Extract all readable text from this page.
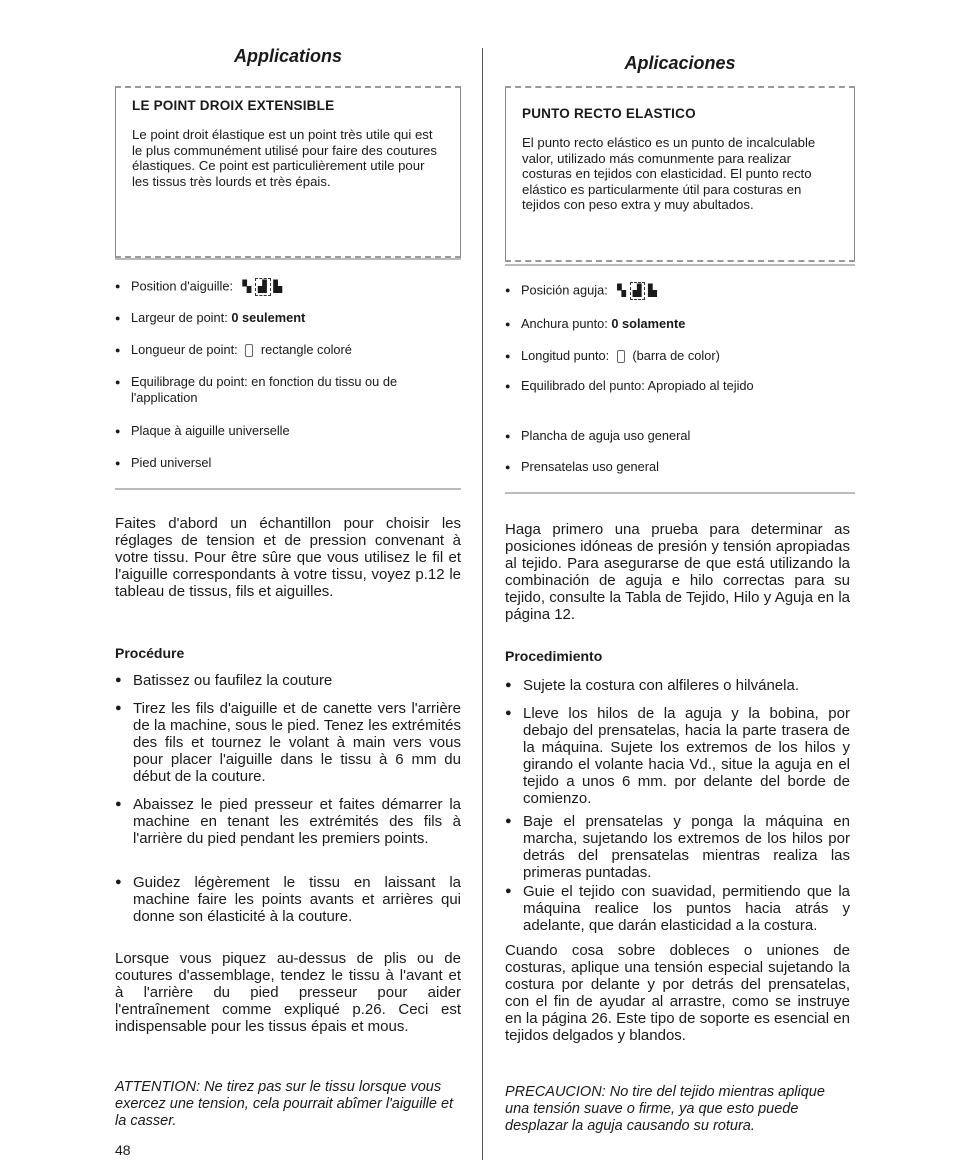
Applications
LE POINT DROIX EXTENSIBLE
Le point droit élastique est un point très utile qui est le plus communément utilisé pour faire des coutures élastiques. Ce point est particulièrement utile pour les tissus très lourds et très épais.
● Position d'aiguille: ▚ ▟ ▙
● Largeur de point: 0 seulement
● Longueur de point: rectangle coloré
● Equilibrage du point: en fonction du tissu ou de l'application
● Plaque à aiguille universelle
● Pied universel
Faites d'abord un échantillon pour choisir les réglages de tension et de pression convenant à votre tissu. Pour être sûre que vous utilisez le fil et l'aiguille correspondants à votre tissu, voyez p.12 le tableau de tissus, fils et aiguilles.
Procédure
● Batissez ou faufilez la couture
● Tirez les fils d'aiguille et de canette vers l'arrière de la machine, sous le pied. Tenez les extrémités des fils et tournez le volant à main vers vous pour placer l'aiguille dans le tissu à 6 mm du début de la couture.
● Abaissez le pied presseur et faites démarrer la machine en tenant les extrémités des fils à l'arrière du pied pendant les premiers points.
● Guidez légèrement le tissu en laissant la machine faire les points avants et arrières qui donne son élasticité à la couture.
Lorsque vous piquez au-dessus de plis ou de coutures d'assemblage, tendez le tissu à l'avant et à l'arrière du pied presseur pour aider l'entraînement comme expliqué p.26. Ceci est indispensable pour les tissus épais et mous.
ATTENTION: Ne tirez pas sur le tissu lorsque vous exercez une tension, cela pourrait abîmer l'aiguille et la casser.
48
Aplicaciones
PUNTO RECTO ELASTICO
El punto recto elástico es un punto de incalculable valor, utilizado más comunmente para realizar costuras en tejidos con elasticidad. El punto recto elástico es particularmente útil para costuras en tejidos con peso extra y muy abultados.
● Posición aguja: ▚ ▟ ▙
● Anchura punto: 0 solamente
● Longitud punto: (barra de color)
● Equilibrado del punto: Apropiado al tejido
● Plancha de aguja uso general
● Prensatelas uso general
Haga primero una prueba para determinar as posiciones idóneas de presión y tensión apropiadas al tejido. Para asegurarse de que está utilizando la combinación de aguja e hilo correctas para su tejido, consulte la Tabla de Tejido, Hilo y Aguja en la página 12.
Procedimiento
● Sujete la costura con alfileres o hilvánela.
● Lleve los hilos de la aguja y la bobina, por debajo del prensatelas, hacia la parte trasera de la máquina. Sujete los extremos de los hilos y girando el volante hacia Vd., situe la aguja en el tejido a unos 6 mm. por delante del borde de comienzo.
● Baje el prensatelas y ponga la máquina en marcha, sujetando los extremos de los hilos por detrás del prensatelas mientras realiza las primeras puntadas.
● Guie el tejido con suavidad, permitiendo que la máquina realice los puntos hacia atrás y adelante, que darán elasticidad a la costura.
Cuando cosa sobre dobleces o uniones de costuras, aplique una tensión especial sujetando la costura por delante y por detrás del prensatelas, con el fin de ayudar al arrastre, como se instruye en la página 26. Este tipo de soporte es esencial en tejidos delgados y blandos.
PRECAUCION: No tire del tejido mientras aplique una tensión suave o firme, ya que esto puede desplazar la aguja causando su rotura.
